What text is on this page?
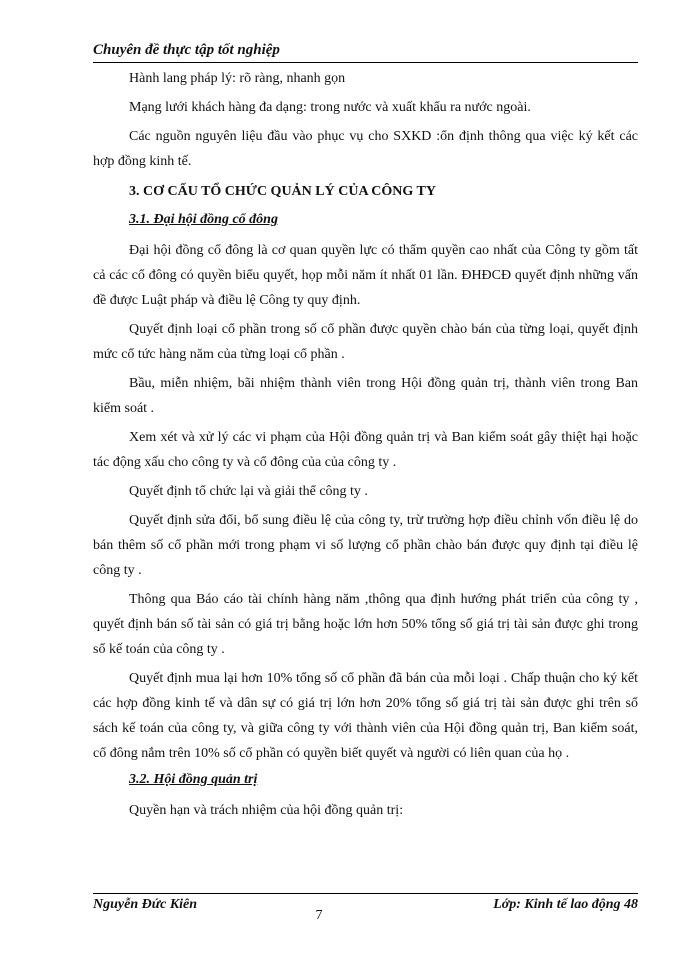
Chuyên đề thực tập tốt nghiệp

Hành lang pháp lý: rõ ràng, nhanh gọn

Mạng lưới khách hàng đa dạng: trong nước và xuất khẩu ra nước ngoài.

Các nguồn nguyên liệu đầu vào phục vụ cho SXKD :ổn định thông qua việc ký kết các hợp đồng kinh tế.

3. CƠ CẤU TỔ CHỨC QUẢN LÝ CỦA CÔNG TY
3.1. Đại hội đồng cổ đông

Đại hội đồng cổ đông là cơ quan quyền lực có thẩm quyền cao nhất của Công ty gồm tất cả các cổ đông có quyền biểu quyết, họp mỗi năm ít nhất 01 lần. ĐHĐCĐ quyết định những vấn đề được Luật pháp và điều lệ Công ty quy định.

Quyết định loại cổ phần trong số cổ phần được quyền chào bán của từng loại, quyết định mức cổ tức hàng năm của từng loại cổ phần .

Bầu, miễn nhiệm, bãi nhiệm thành viên trong Hội đồng quản trị, thành viên trong Ban kiểm soát .

Xem xét và xử lý các vi phạm của Hội đồng quản trị và Ban kiểm soát gây thiệt hại hoặc tác động xấu cho công ty và cổ đông của của công ty .

Quyết định tổ chức lại và giải thể công ty .

Quyết định sửa đổi, bổ sung điều lệ của công ty, trừ trường hợp điều chỉnh vốn điều lệ do bán thêm số cổ phần mới trong phạm vi số lượng cổ phần chào bán được quy định tại điều lệ công ty .

Thông qua Báo cáo tài chính hàng năm ,thông qua định hướng phát triển của công ty , quyết định bán số tài sản có giá trị bằng hoặc lớn hơn 50% tổng số giá trị tài sản được ghi trong sổ kế toán của công ty .

Quyết định mua lại hơn 10% tổng số cổ phần đã bán của mỗi loại . Chấp thuận cho ký kết các hợp đồng kinh tế và dân sự có giá trị lớn hơn 20% tổng số giá trị tài sản được ghi trên sổ sách kế toán của công ty, và giữa công ty với thành viên của Hội đồng quản trị, Ban kiểm soát, cổ đông nắm trên 10% số cổ phần có quyền biết quyết và người có liên quan của họ .

3.2. Hội đồng quản trị

Quyền hạn và trách nhiệm của hội đồng quản trị:

Nguyễn Đức Kiên	Lớp: Kinh tế lao động 48
7
